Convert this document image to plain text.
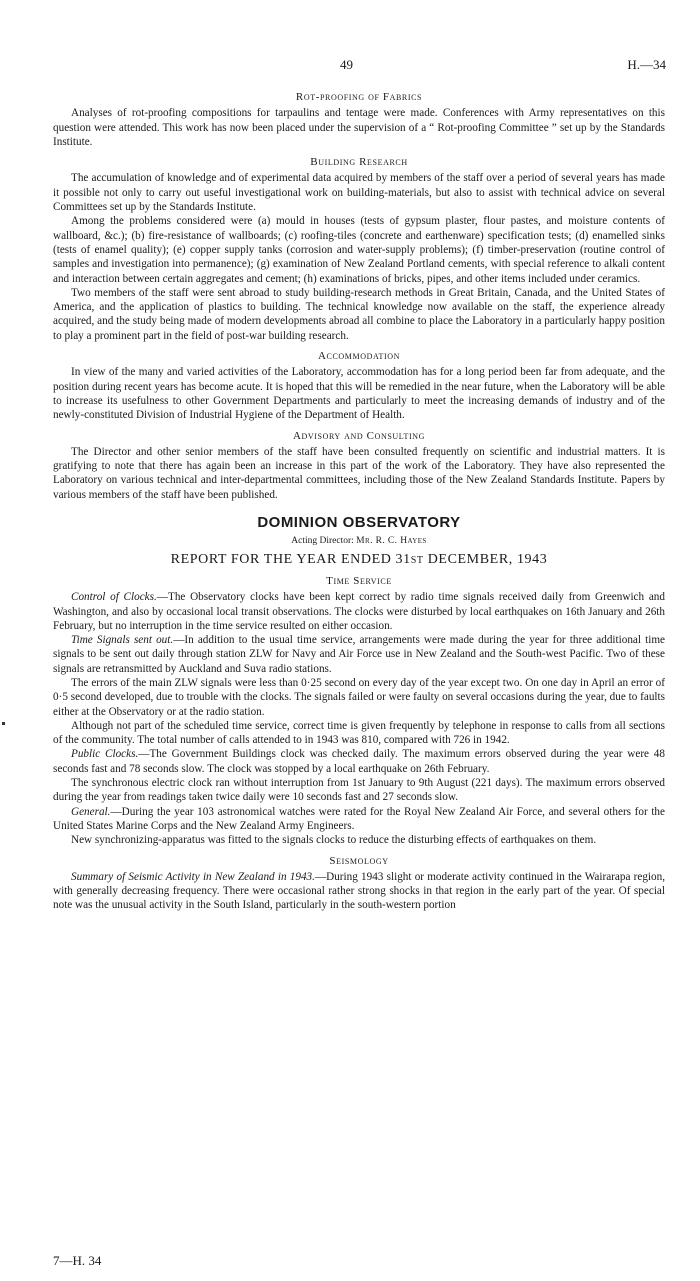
49	H.—34
Rot-proofing of Fabrics

Analyses of rot-proofing compositions for tarpaulins and tentage were made. Conferences with Army representatives on this question were attended. This work has now been placed under the supervision of a “ Rot-proofing Committee ” set up by the Standards Institute.

Building Research

The accumulation of knowledge and of experimental data acquired by members of the staff over a period of several years has made it possible not only to carry out useful investigational work on building-materials, but also to assist with technical advice on several Committees set up by the Standards Institute.

Among the problems considered were (a) mould in houses (tests of gypsum plaster, flour pastes, and moisture contents of wallboard, &c.); (b) fire-resistance of wallboards; (c) roofing-tiles (concrete and earthenware) specification tests; (d) enamelled sinks (tests of enamel quality); (e) copper supply tanks (corrosion and water-supply problems); (f) timber-preservation (routine control of samples and investigation into permanence); (g) examination of New Zealand Portland cements, with special reference to alkali content and interaction between certain aggregates and cement; (h) examinations of bricks, pipes, and other items included under ceramics.

Two members of the staff were sent abroad to study building-research methods in Great Britain, Canada, and the United States of America, and the application of plastics to building. The technical knowledge now available on the staff, the experience already acquired, and the study being made of modern developments abroad all combine to place the Laboratory in a particularly happy position to play a prominent part in the field of post-war building research.

Accommodation

In view of the many and varied activities of the Laboratory, accommodation has for a long period been far from adequate, and the position during recent years has become acute. It is hoped that this will be remedied in the near future, when the Laboratory will be able to increase its usefulness to other Government Departments and particularly to meet the increasing demands of industry and of the newly-constituted Division of Industrial Hygiene of the Department of Health.

Advisory and Consulting

The Director and other senior members of the staff have been consulted frequently on scientific and industrial matters. It is gratifying to note that there has again been an increase in this part of the work of the Laboratory. They have also represented the Laboratory on various technical and inter-departmental committees, including those of the New Zealand Standards Institute. Papers by various members of the staff have been published.

DOMINION OBSERVATORY
Acting Director: Mr. R. C. Hayes
REPORT FOR THE YEAR ENDED 31ST DECEMBER, 1943
Time Service

Control of Clocks.—The Observatory clocks have been kept correct by radio time signals received daily from Greenwich and Washington, and also by occasional local transit observations. The clocks were disturbed by local earthquakes on 16th January and 26th February, but no interruption in the time service resulted on either occasion.

Time Signals sent out.—In addition to the usual time service, arrangements were made during the year for three additional time signals to be sent out daily through station ZLW for Navy and Air Force use in New Zealand and the South-west Pacific. Two of these signals are retransmitted by Auckland and Suva radio stations.

The errors of the main ZLW signals were less than 0·25 second on every day of the year except two. On one day in April an error of 0·5 second developed, due to trouble with the clocks. The signals failed or were faulty on several occasions during the year, due to faults either at the Observatory or at the radio station.

Although not part of the scheduled time service, correct time is given frequently by telephone in response to calls from all sections of the community. The total number of calls attended to in 1943 was 810, compared with 726 in 1942.

Public Clocks.—The Government Buildings clock was checked daily. The maximum errors observed during the year were 48 seconds fast and 78 seconds slow. The clock was stopped by a local earthquake on 26th February.

The synchronous electric clock ran without interruption from 1st January to 9th August (221 days). The maximum errors observed during the year from readings taken twice daily were 10 seconds fast and 27 seconds slow.

General.—During the year 103 astronomical watches were rated for the Royal New Zealand Air Force, and several others for the United States Marine Corps and the New Zealand Army Engineers.

New synchronizing-apparatus was fitted to the signals clocks to reduce the disturbing effects of earthquakes on them.

Seismology

Summary of Seismic Activity in New Zealand in 1943.—During 1943 slight or moderate activity continued in the Wairarapa region, with generally decreasing frequency. There were occasional rather strong shocks in that region in the early part of the year. Of special note was the unusual activity in the South Island, particularly in the south-western portion

7—H. 34
